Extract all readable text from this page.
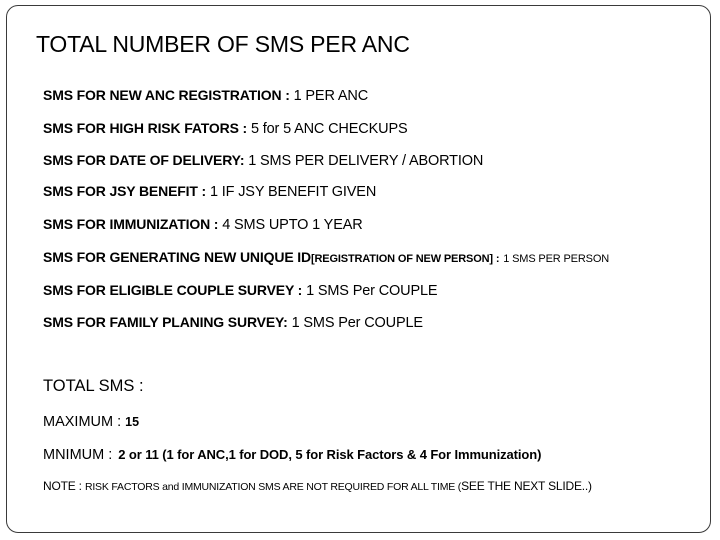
TOTAL NUMBER OF SMS PER ANC
SMS FOR NEW ANC REGISTRATION : 1 PER ANC
SMS FOR HIGH RISK FATORS : 5 for 5 ANC CHECKUPS
SMS FOR DATE OF DELIVERY: 1 SMS PER DELIVERY / ABORTION
SMS FOR JSY BENEFIT : 1 IF JSY BENEFIT GIVEN
SMS FOR IMMUNIZATION : 4 SMS UPTO 1 YEAR
SMS FOR GENERATING NEW UNIQUE ID[REGISTRATION OF NEW PERSON] : 1 SMS PER PERSON
SMS FOR ELIGIBLE COUPLE SURVEY : 1 SMS Per COUPLE
SMS FOR FAMILY PLANING SURVEY: 1 SMS Per COUPLE
TOTAL SMS :
MAXIMUM : 15
MNIMUM : 2 or 11 (1 for ANC,1 for DOD, 5 for Risk Factors & 4 For Immunization)
NOTE : RISK FACTORS and IMMUNIZATION SMS ARE NOT REQUIRED FOR ALL TIME (SEE THE NEXT SLIDE..)
